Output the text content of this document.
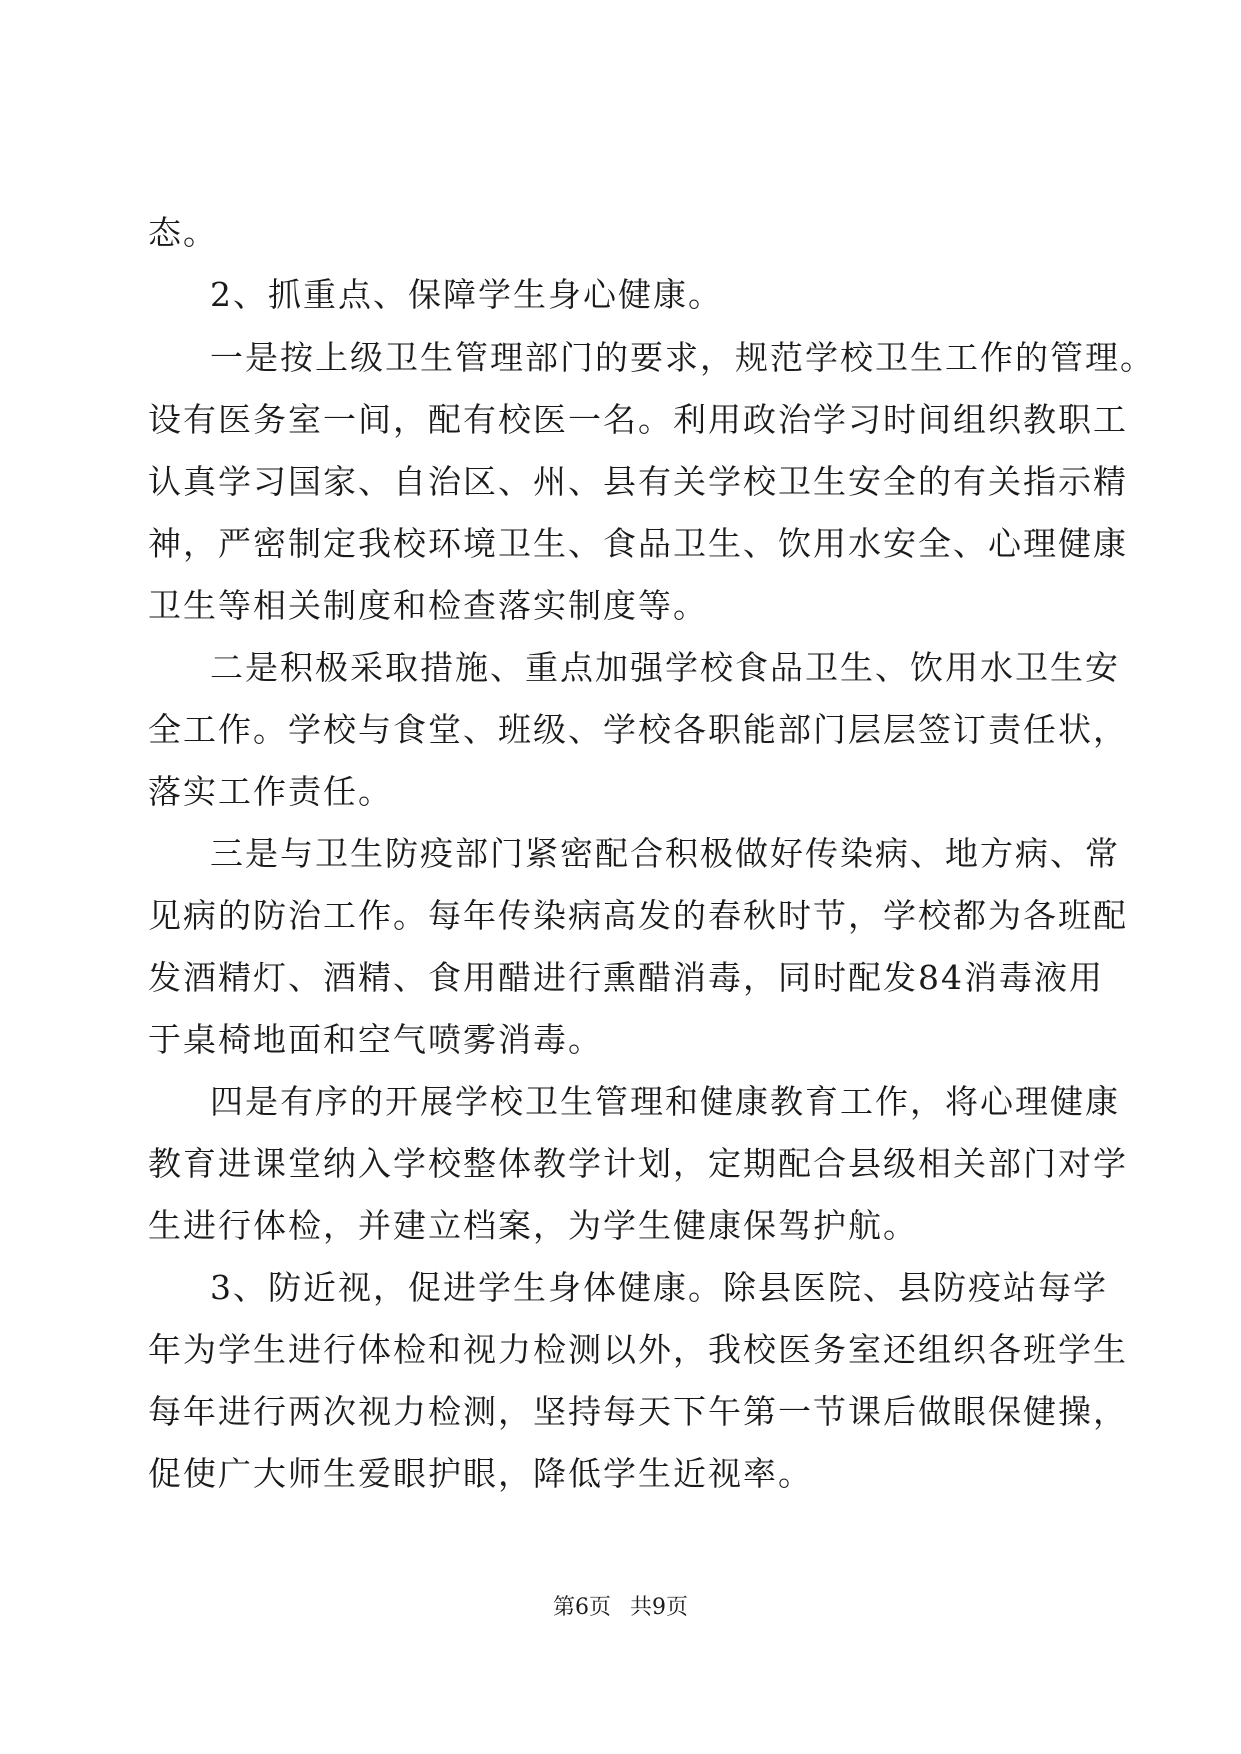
态。
2、抓重点、保障学生身心健康。
一是按上级卫生管理部门的要求，规范学校卫生工作的管理。
设有医务室一间，配有校医一名。利用政治学习时间组织教职工
认真学习国家、自治区、州、县有关学校卫生安全的有关指示精
神，严密制定我校环境卫生、食品卫生、饮用水安全、心理健康
卫生等相关制度和检查落实制度等。
二是积极采取措施、重点加强学校食品卫生、饮用水卫生安
全工作。学校与食堂、班级、学校各职能部门层层签订责任状，
落实工作责任。
三是与卫生防疫部门紧密配合积极做好传染病、地方病、常
见病的防治工作。每年传染病高发的春秋时节，学校都为各班配
发酒精灯、酒精、食用醋进行熏醋消毒，同时配发84消毒液用
于桌椅地面和空气喷雾消毒。
四是有序的开展学校卫生管理和健康教育工作，将心理健康
教育进课堂纳入学校整体教学计划，定期配合县级相关部门对学
生进行体检，并建立档案，为学生健康保驾护航。
3、防近视，促进学生身体健康。除县医院、县防疫站每学
年为学生进行体检和视力检测以外，我校医务室还组织各班学生
每年进行两次视力检测，坚持每天下午第一节课后做眼保健操，
促使广大师生爱眼护眼，降低学生近视率。
第6页 共9页
